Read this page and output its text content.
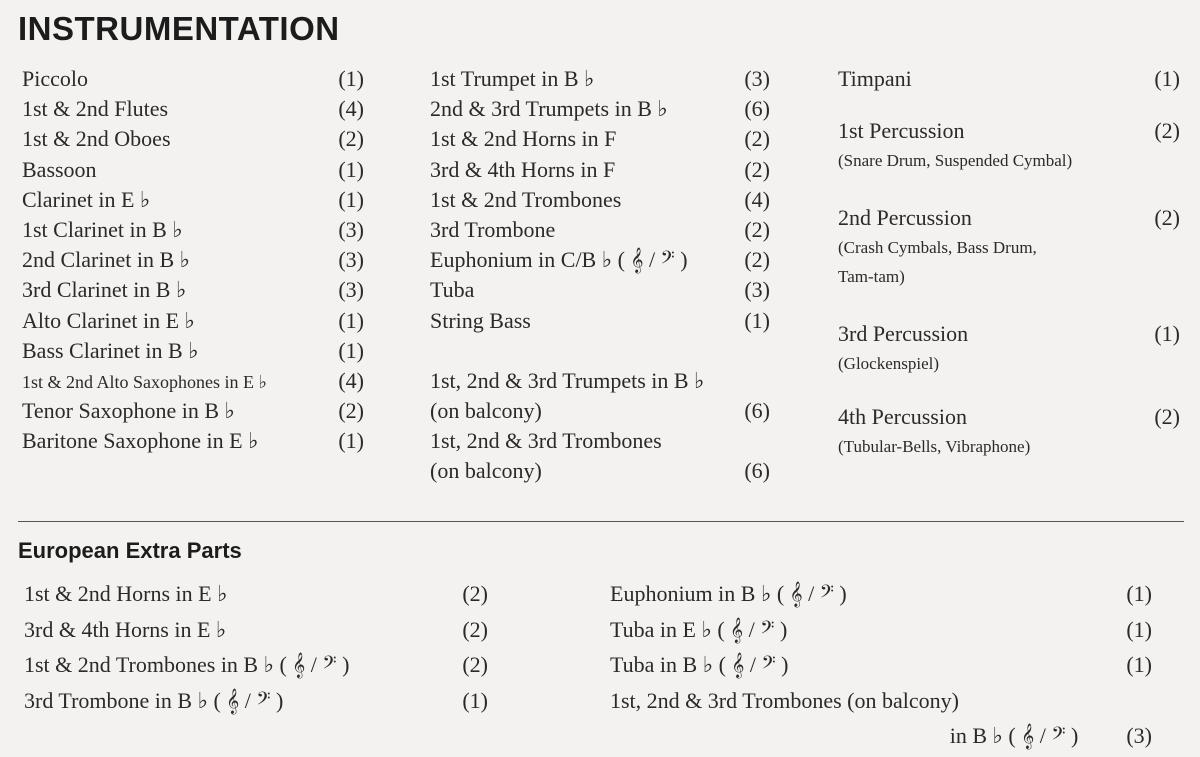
INSTRUMENTATION
Piccolo	(1)
1st & 2nd Flutes	(4)
1st & 2nd Oboes	(2)
Bassoon	(1)
Clarinet in E ♭	(1)
1st Clarinet in B ♭	(3)
2nd Clarinet in B ♭	(3)
3rd Clarinet in B ♭	(3)
Alto Clarinet in E ♭	(1)
Bass Clarinet in B ♭	(1)
1st & 2nd Alto Saxophones in E ♭	(4)
Tenor Saxophone in B ♭	(2)
Baritone Saxophone in E ♭	(1)
1st Trumpet in B ♭	(3)
2nd & 3rd Trumpets in B ♭	(6)
1st & 2nd Horns in F	(2)
3rd & 4th Horns in F	(2)
1st & 2nd Trombones	(4)
3rd Trombone	(2)
Euphonium in C/B ♭ ( 𝄞 / 𝄢 )	(2)
Tuba	(3)
String Bass	(1)
1st, 2nd & 3rd Trumpets in B ♭
(on balcony)	(6)
1st, 2nd & 3rd Trombones
(on balcony)	(6)
Timpani	(1)
1st Percussion	(2)
(Snare Drum, Suspended Cymbal)
2nd Percussion	(2)
(Crash Cymbals, Bass Drum,
Tam-tam)
3rd Percussion	(1)
(Glockenspiel)
4th Percussion	(2)
(Tubular-Bells, Vibraphone)
European Extra Parts
1st & 2nd Horns in E ♭	(2)
3rd & 4th Horns in E ♭	(2)
1st & 2nd Trombones in B ♭ ( 𝄞 / 𝄢 )	(2)
3rd Trombone in B ♭ ( 𝄞 / 𝄢 )	(1)
Euphonium in B ♭ ( 𝄞 / 𝄢 )	(1)
Tuba in E ♭ ( 𝄞 / 𝄢 )	(1)
Tuba in B ♭ ( 𝄞 / 𝄢 )	(1)
1st, 2nd & 3rd Trombones (on balcony)
in B ♭ ( 𝄞 / 𝄢 )	(3)
